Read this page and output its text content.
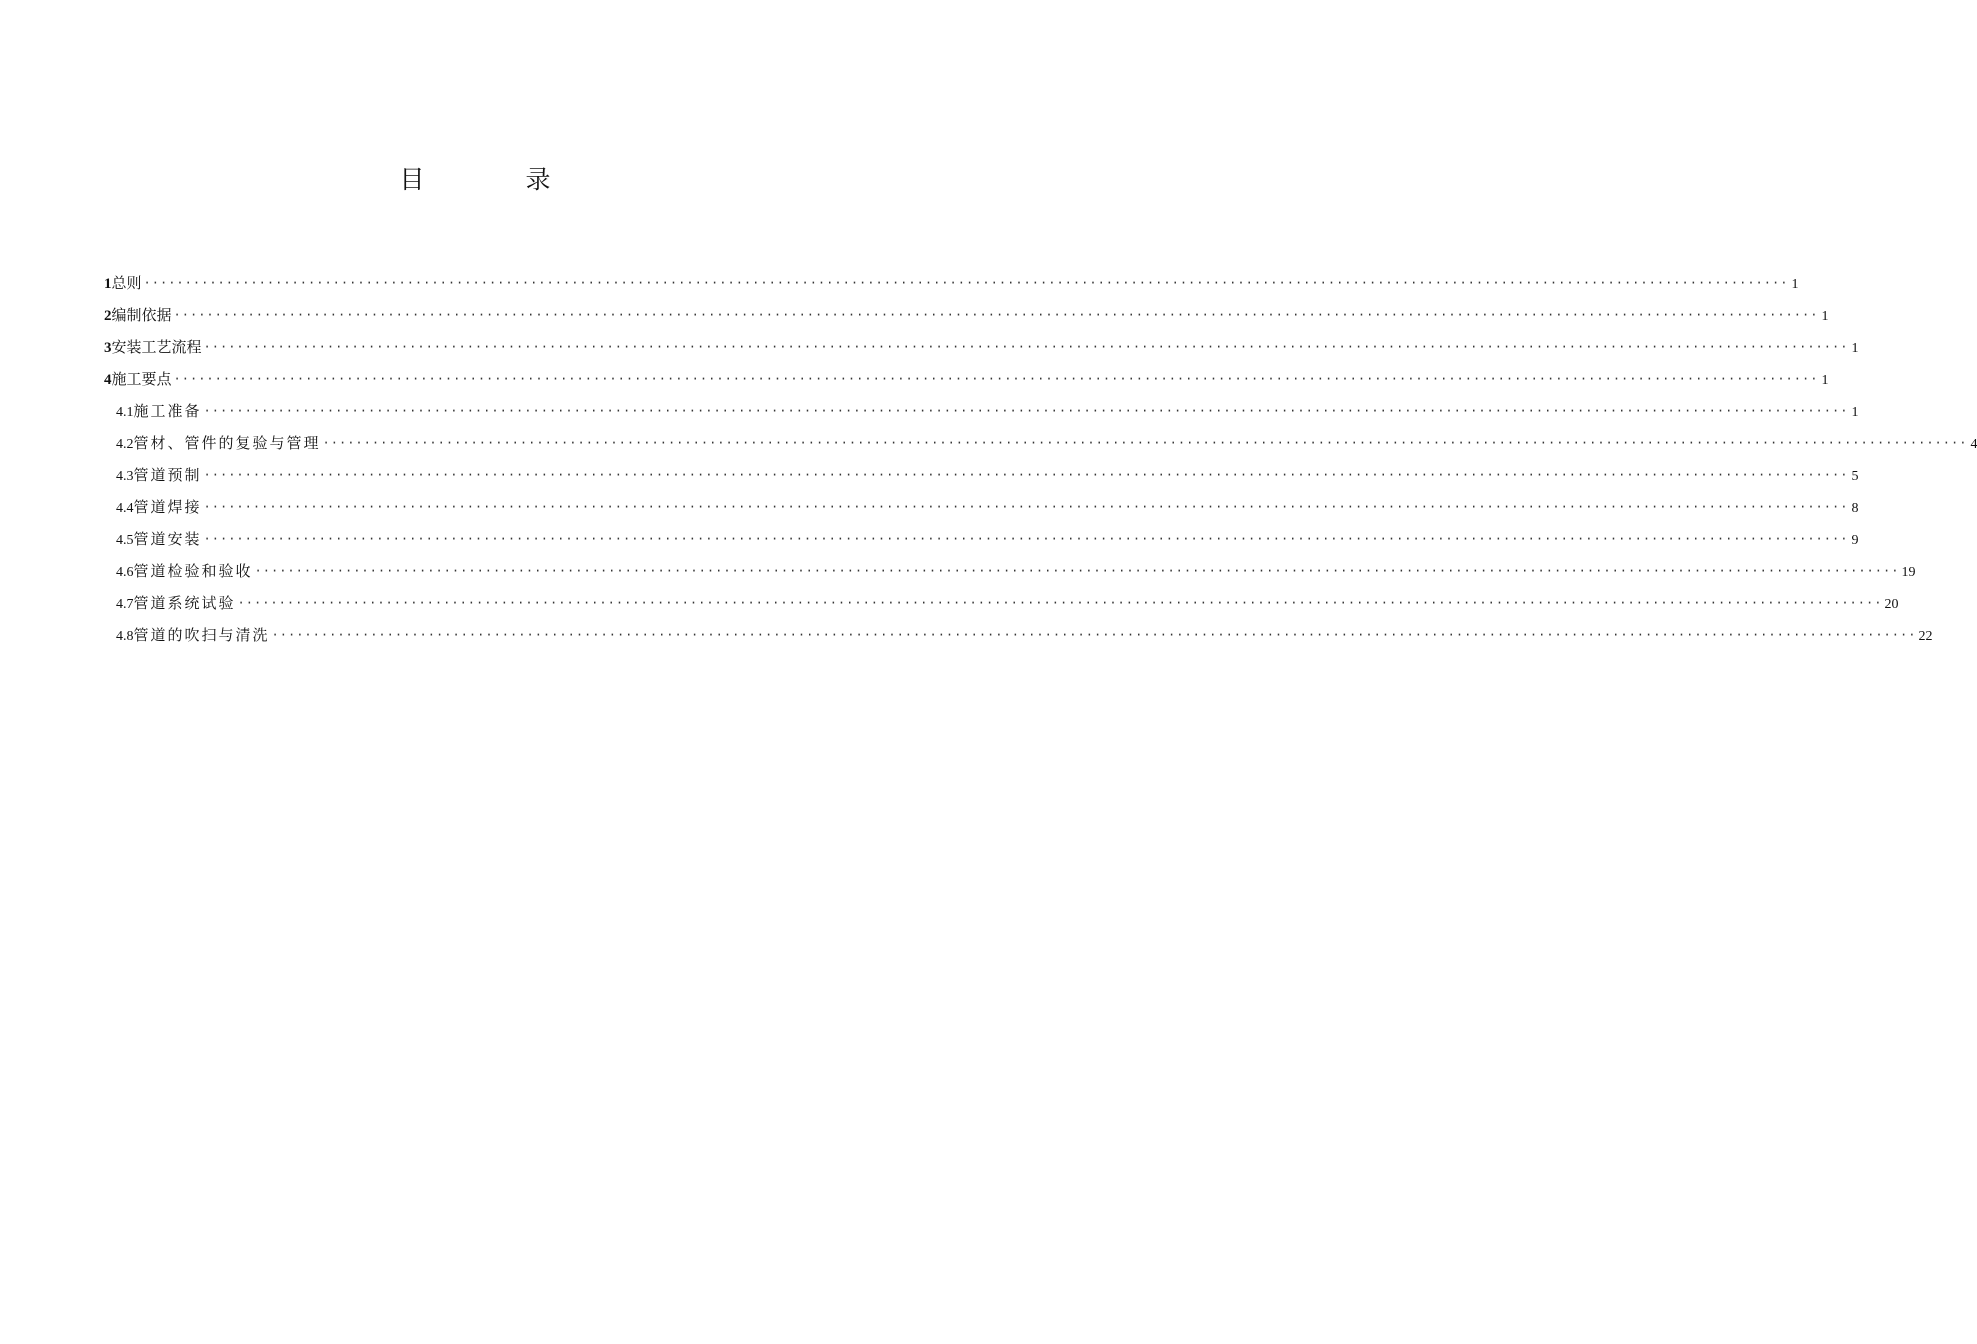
目　录
1 总则 ········································································································································································································ 1
2 编制依据 ········································································································································································································ 1
3 安装工艺流程 ········································································································································································································ 1
4 施工要点 ········································································································································································································ 1
4.1 施工准备 ········································································································································································································ 1
4.2 管材、管件的复验与管理 ········································································································································································································ 4
4.3 管道预制 ········································································································································································································ 5
4.4 管道焊接 ········································································································································································································ 8
4.5 管道安装 ········································································································································································································ 9
4.6 管道检验和验收 ········································································································································································································ 19
4.7 管道系统试验 ········································································································································································································ 20
4.8 管道的吹扫与清洗 ········································································································································································································ 22
